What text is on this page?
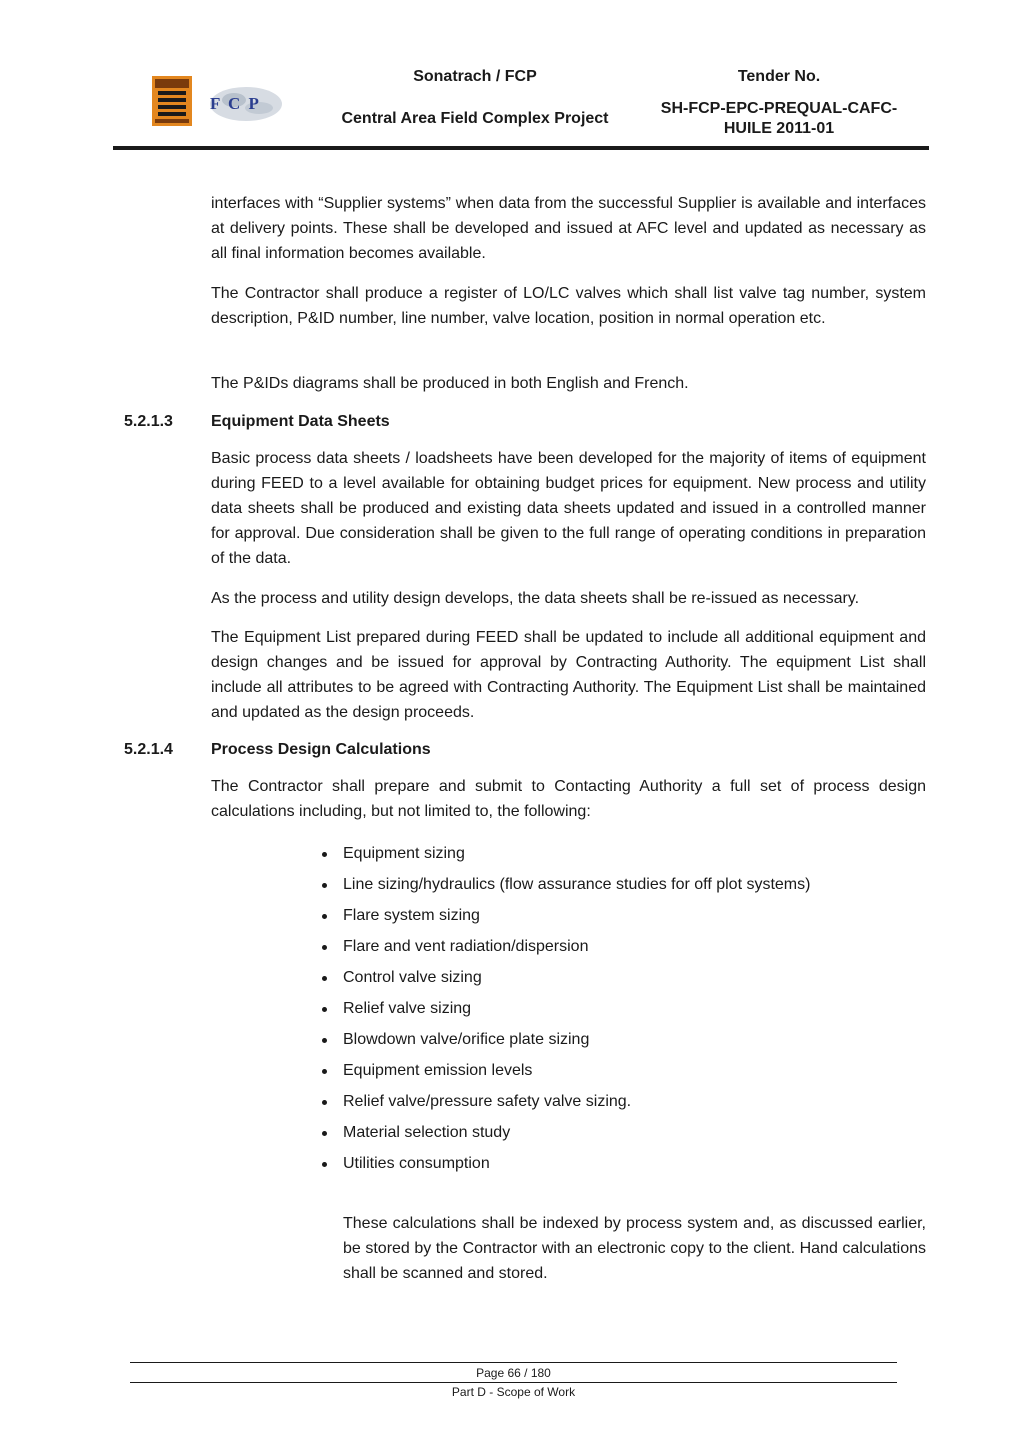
F C P
Sonatrach / FCP
Central Area Field Complex Project
Tender No.
SH-FCP-EPC-PREQUAL-CAFC-
HUILE 2011-01

interfaces with “Supplier systems” when data from the successful Supplier is available and interfaces at delivery points. These shall be developed and issued at AFC level and updated as necessary as all final information becomes available.

The Contractor shall produce a register of LO/LC valves which shall list valve tag number, system description, P&ID number, line number, valve location, position in normal operation etc.

The P&IDs diagrams shall be produced in both English and French.

5.2.1.3 Equipment Data Sheets

Basic process data sheets / loadsheets have been developed for the majority of items of equipment during FEED to a level available for obtaining budget prices for equipment. New process and utility data sheets shall be produced and existing data sheets updated and issued in a controlled manner for approval. Due consideration shall be given to the full range of operating conditions in preparation of the data.

As the process and utility design develops, the data sheets shall be re-issued as necessary.

The Equipment List prepared during FEED shall be updated to include all additional equipment and design changes and be issued for approval by Contracting Authority. The equipment List shall include all attributes to be agreed with Contracting Authority. The Equipment List shall be maintained and updated as the design proceeds.

5.2.1.4 Process Design Calculations

The Contractor shall prepare and submit to Contacting Authority a full set of process design calculations including, but not limited to, the following:

Equipment sizing
Line sizing/hydraulics (flow assurance studies for off plot systems)
Flare system sizing
Flare and vent radiation/dispersion
Control valve sizing
Relief valve sizing
Blowdown valve/orifice plate sizing
Equipment emission levels
Relief valve/pressure safety valve sizing.
Material selection study
Utilities consumption

These calculations shall be indexed by process system and, as discussed earlier, be stored by the Contractor with an electronic copy to the client. Hand calculations shall be scanned and stored.

Page 66 / 180
Part D - Scope of Work
